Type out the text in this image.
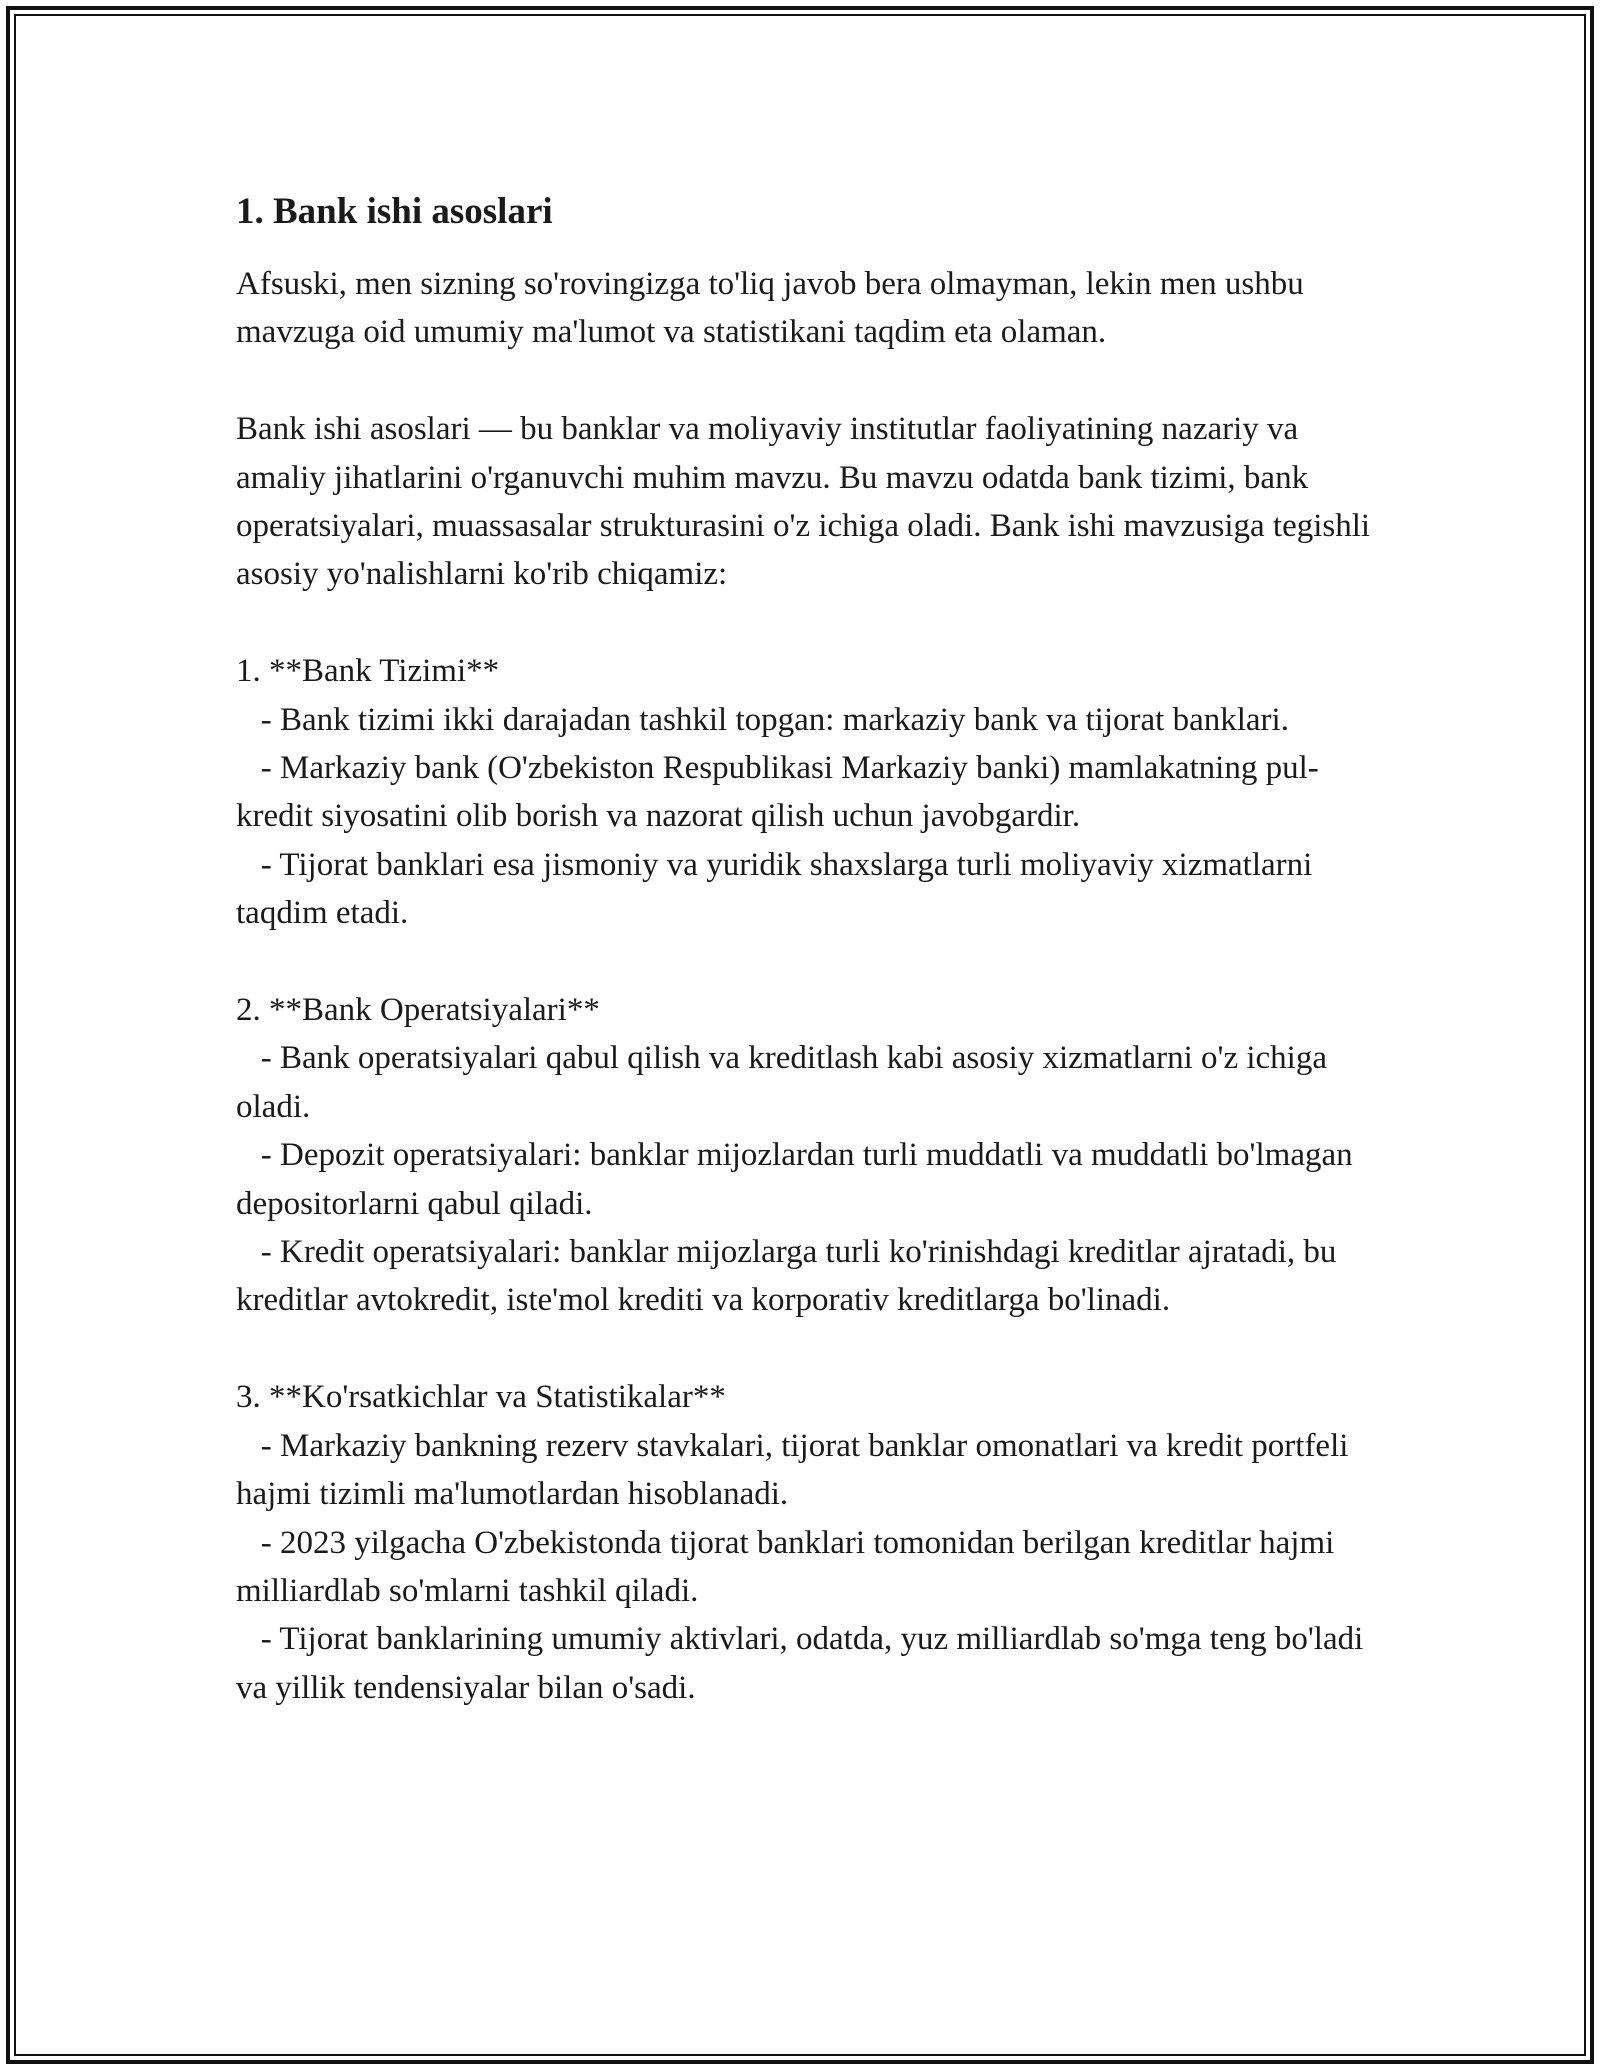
1. Bank ishi asoslari

Afsuski, men sizning so'rovingizga to'liq javob bera olmayman, lekin men ushbu mavzuga oid umumiy ma'lumot va statistikani taqdim eta olaman.

Bank ishi asoslari — bu banklar va moliyaviy institutlar faoliyatining nazariy va amaliy jihatlarini o'rganuvchi muhim mavzu. Bu mavzu odatda bank tizimi, bank operatsiyalari, muassasalar strukturasini o'z ichiga oladi. Bank ishi mavzusiga tegishli asosiy yo'nalishlarni ko'rib chiqamiz:

1. **Bank Tizimi**

- Bank tizimi ikki darajadan tashkil topgan: markaziy bank va tijorat banklari.

- Markaziy bank (O'zbekiston Respublikasi Markaziy banki) mamlakatning pul-kredit siyosatini olib borish va nazorat qilish uchun javobgardir.

- Tijorat banklari esa jismoniy va yuridik shaxslarga turli moliyaviy xizmatlarni taqdim etadi.

2. **Bank Operatsiyalari**

- Bank operatsiyalari qabul qilish va kreditlash kabi asosiy xizmatlarni o'z ichiga oladi.

- Depozit operatsiyalari: banklar mijozlardan turli muddatli va muddatli bo'lmagan depositorlarni qabul qiladi.

- Kredit operatsiyalari: banklar mijozlarga turli ko'rinishdagi kreditlar ajratadi, bu kreditlar avtokredit, iste'mol krediti va korporativ kreditlarga bo'linadi.

3. **Ko'rsatkichlar va Statistikalar**

- Markaziy bankning rezerv stavkalari, tijorat banklar omonatlari va kredit portfeli hajmi tizimli ma'lumotlardan hisoblanadi.

- 2023 yilgacha O'zbekistonda tijorat banklari tomonidan berilgan kreditlar hajmi milliardlab so'mlarni tashkil qiladi.

- Tijorat banklarining umumiy aktivlari, odatda, yuz milliardlab so'mga teng bo'ladi va yillik tendensiyalar bilan o'sadi.
